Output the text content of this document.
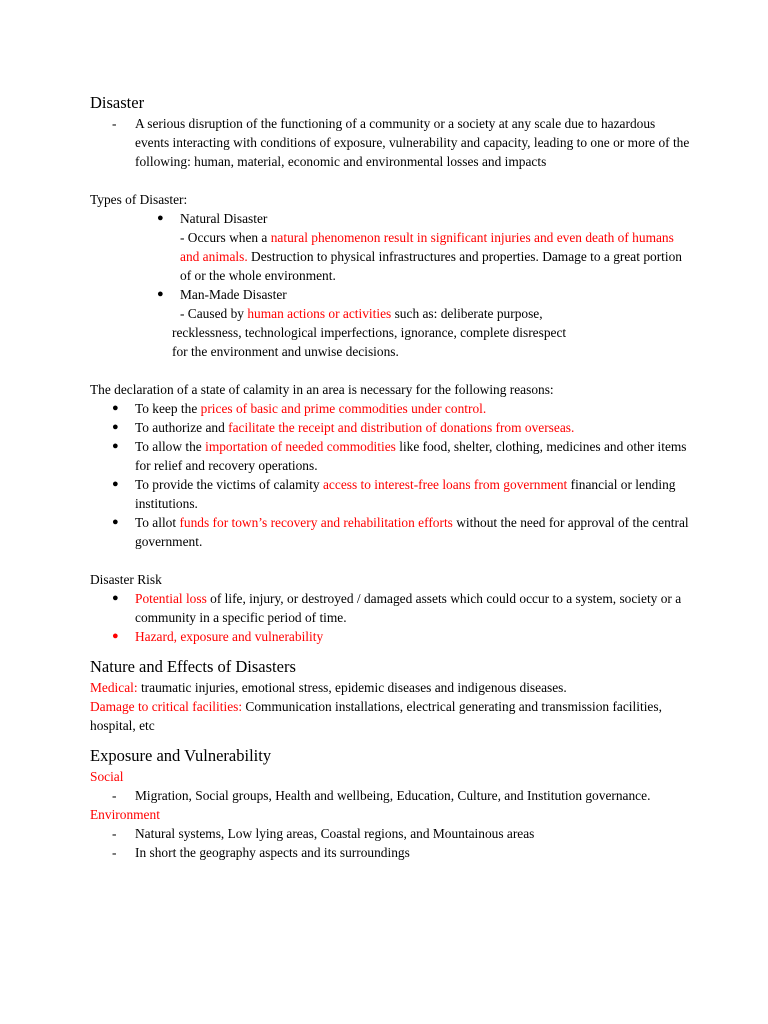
Disaster
- A serious disruption of the functioning of a community or a society at any scale due to hazardous events interacting with conditions of exposure, vulnerability and capacity, leading to one or more of the following: human, material, economic and environmental losses and impacts

Types of Disaster:

● Natural Disaster
- Occurs when a natural phenomenon result in significant injuries and even death of humans and animals. Destruction to physical infrastructures and properties. Damage to a great portion of or the whole environment.
● Man-Made Disaster
- Caused by human actions or activities such as: deliberate purpose,
recklessness, technological imperfections, ignorance, complete disrespect
for the environment and unwise decisions.

The declaration of a state of calamity in an area is necessary for the following reasons:

● To keep the prices of basic and prime commodities under control.
● To authorize and facilitate the receipt and distribution of donations from overseas.
● To allow the importation of needed commodities like food, shelter, clothing, medicines and other items for relief and recovery operations.
● To provide the victims of calamity access to interest-free loans from government financial or lending institutions.
● To allot funds for town’s recovery and rehabilitation efforts without the need for approval of the central government.

Disaster Risk

● Potential loss of life, injury, or destroyed / damaged assets which could occur to a system, society or a community in a specific period of time.
● Hazard, exposure and vulnerability
Nature and Effects of Disasters

Medical: traumatic injuries, emotional stress, epidemic diseases and indigenous diseases.

Damage to critical facilities: Communication installations, electrical generating and transmission facilities, hospital, etc

Exposure and Vulnerability

Social

- Migration, Social groups, Health and wellbeing, Education, Culture, and Institution governance.

Environment

- Natural systems, Low lying areas, Coastal regions, and Mountainous areas
- In short the geography aspects and its surroundings
